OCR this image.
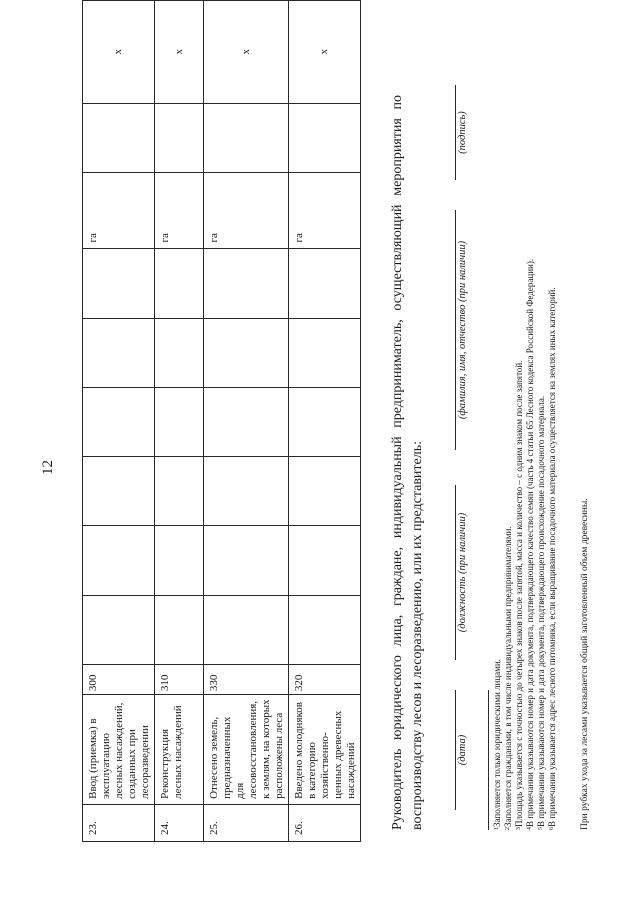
12
23.	Ввод (приемка) в эксплуатацию лесных насаждений, созданных при лесоразведении	300							га		x
24.	Реконструкция лесных насаждений	310							га		x
25.	Отнесено земель, предназначенных для лесовосстановления, к землям, на которых расположены леса	330							га		x
26.	Введено молодняков в категорию хозяйственно-ценных древесных насаждений	320							га		x
Руководитель юридического лица, граждане, индивидуальный предприниматель, осуществляющий мероприятия по воспроизводству лесов и лесоразведению, или их представитель:	(дата)
(должность (при наличии)
(фамилия, имя, отчество (при наличии)
(подпись)
$^1$Заполняется только юридическими лицами.
$^2$Заполняется гражданами, в том числе индивидуальными предпринимателями.
$^3$Площадь указывается с точностью до четырех знаков после запятой, масса и количество – с одним знаком после запятой.
$^4$В примечании указываются номер и дата документа, подтверждающего качество семян (часть 4 статьи 65 Лесного кодекса Российской Федерации).
$^5$В примечании указываются номер и дата документа, подтверждающего происхождение посадочного материала.
$^6$В примечании указывается адрес лесного питомника, если выращивание посадочного материала осуществляется на землях иных категорий. При рубках ухода за лесами указывается общий заготовленный объем древесины.
